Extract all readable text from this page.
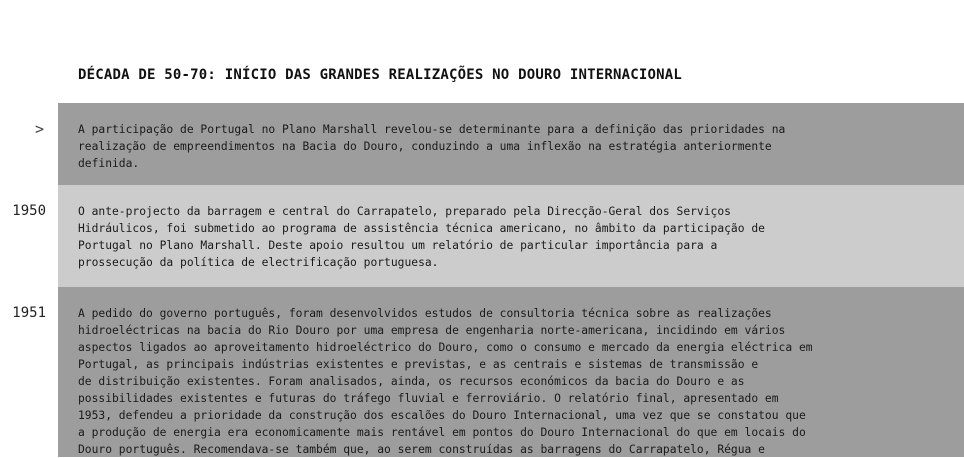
DÉCADA DE 50-70: INÍCIO DAS GRANDES REALIZAÇÕES NO DOURO INTERNACIONAL
>	A participação de Portugal no Plano Marshall revelou-se determinante para a definição das prioridades na
realização de empreendimentos na Bacia do Douro, conduzindo a uma inflexão na estratégia anteriormente
definida.
1950	O ante-projecto da barragem e central do Carrapatelo, preparado pela Direcção-Geral dos Serviços
Hidráulicos, foi submetido ao programa de assistência técnica americano, no âmbito da participação de
Portugal no Plano Marshall. Deste apoio resultou um relatório de particular importância para a
prossecução da política de electrificação portuguesa.
1951	A pedido do governo português, foram desenvolvidos estudos de consultoria técnica sobre as realizações
hidroeléctricas na bacia do Rio Douro por uma empresa de engenharia norte-americana, incidindo em vários
aspectos ligados ao aproveitamento hidroeléctrico do Douro, como o consumo e mercado da energia eléctrica em
Portugal, as principais indústrias existentes e previstas, e as centrais e sistemas de transmissão e
de distribuição existentes. Foram analisados, ainda, os recursos económicos da bacia do Douro e as
possibilidades existentes e futuras do tráfego fluvial e ferroviário. O relatório final, apresentado em
1953, defendeu a prioridade da construção dos escalões do Douro Internacional, uma vez que se constatou que
a produção de energia era economicamente mais rentável em pontos do Douro Internacional do que em locais do
Douro português. Recomendava-se também que, ao serem construídas as barragens do Carrapatelo, Régua e
